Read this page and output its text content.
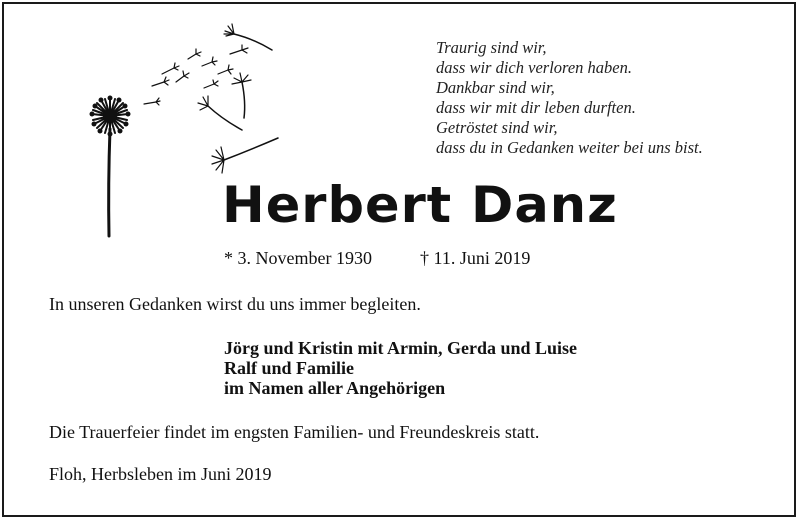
Traurig sind wir,
dass wir dich verloren haben.
Dankbar sind wir,
dass wir mit dir leben durften.
Getröstet sind wir,
dass du in Gedanken weiter bei uns bist.
Herbert Danz
* 3. November 1930	† 11. Juni 2019
In unseren Gedanken wirst du uns immer begleiten.
Jörg und Kristin mit Armin, Gerda und Luise
Ralf und Familie
im Namen aller Angehörigen
Die Trauerfeier findet im engsten Familien- und Freundeskreis statt.
Floh, Herbsleben im Juni 2019
